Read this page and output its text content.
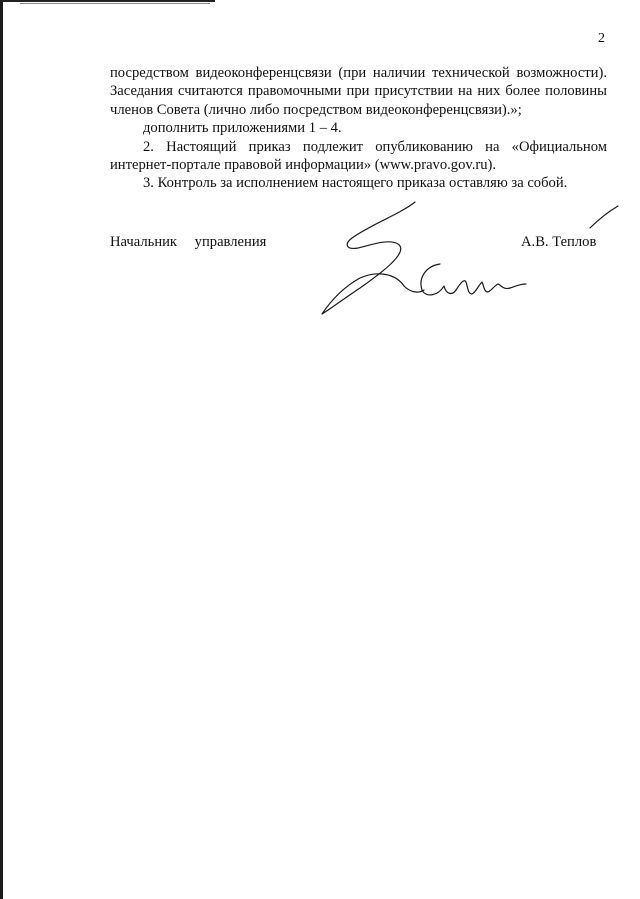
2

посредством видеоконференцсвязи (при наличии технической возможности).

Заседания считаются правомочными при присутствии на них более половины

членов Совета (лично либо посредством видеоконференцсвязи).»;

дополнить приложениями 1 – 4.

2. Настоящий приказ подлежит опубликованию на «Официальном

интернет-портале правовой информации» (www.pravo.gov.ru).

3. Контроль за исполнением настоящего приказа оставляю за собой.

Начальник управления	А.В. Теплов
